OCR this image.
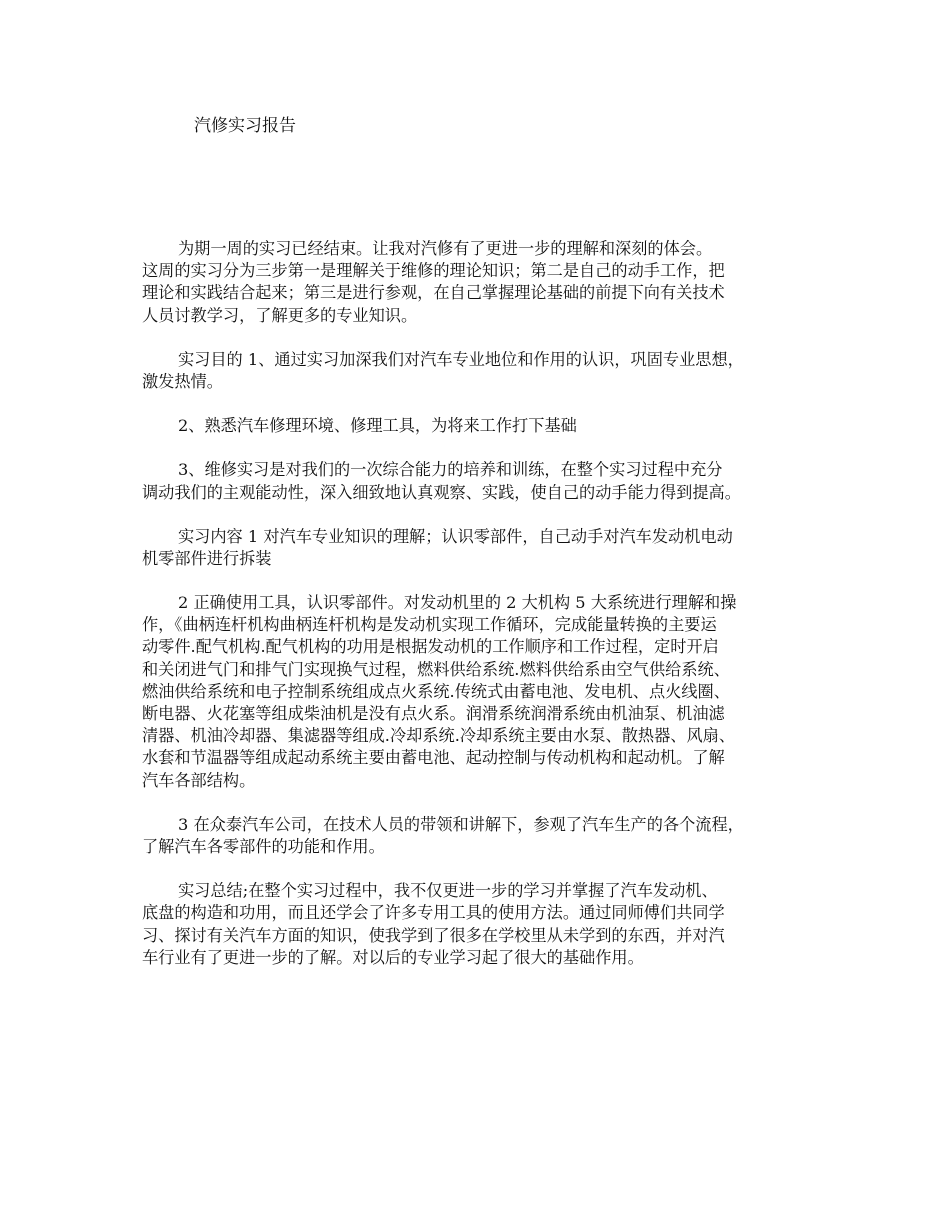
汽修实习报告
为期一周的实习已经结束。让我对汽修有了更进一步的理解和深刻的体会。
这周的实习分为三步第一是理解关于维修的理论知识；第二是自己的动手工作，把
理论和实践结合起来；第三是进行参观，在自己掌握理论基础的前提下向有关技术
人员讨教学习，了解更多的专业知识。
实习目的 1、通过实习加深我们对汽车专业地位和作用的认识，巩固专业思想，
激发热情。
2、熟悉汽车修理环境、修理工具，为将来工作打下基础
3、维修实习是对我们的一次综合能力的培养和训练，在整个实习过程中充分
调动我们的主观能动性，深入细致地认真观察、实践，使自己的动手能力得到提高。
实习内容 1 对汽车专业知识的理解；认识零部件，自己动手对汽车发动机电动
机零部件进行拆装
2 正确使用工具，认识零部件。对发动机里的 2 大机构 5 大系统进行理解和操
作，《曲柄连杆机构曲柄连杆机构是发动机实现工作循环，完成能量转换的主要运
动零件.配气机构.配气机构的功用是根据发动机的工作顺序和工作过程，定时开启
和关闭进气门和排气门实现换气过程，燃料供给系统.燃料供给系由空气供给系统、
燃油供给系统和电子控制系统组成点火系统.传统式由蓄电池、发电机、点火线圈、
断电器、火花塞等组成柴油机是没有点火系。润滑系统润滑系统由机油泵、机油滤
清器、机油冷却器、集滤器等组成.冷却系统.冷却系统主要由水泵、散热器、风扇、
水套和节温器等组成起动系统主要由蓄电池、起动控制与传动机构和起动机。了解
汽车各部结构。
3 在众泰汽车公司，在技术人员的带领和讲解下，参观了汽车生产的各个流程，
了解汽车各零部件的功能和作用。
实习总结;在整个实习过程中，我不仅更进一步的学习并掌握了汽车发动机、
底盘的构造和功用，而且还学会了许多专用工具的使用方法。通过同师傅们共同学
习、探讨有关汽车方面的知识，使我学到了很多在学校里从未学到的东西，并对汽
车行业有了更进一步的了解。对以后的专业学习起了很大的基础作用。
